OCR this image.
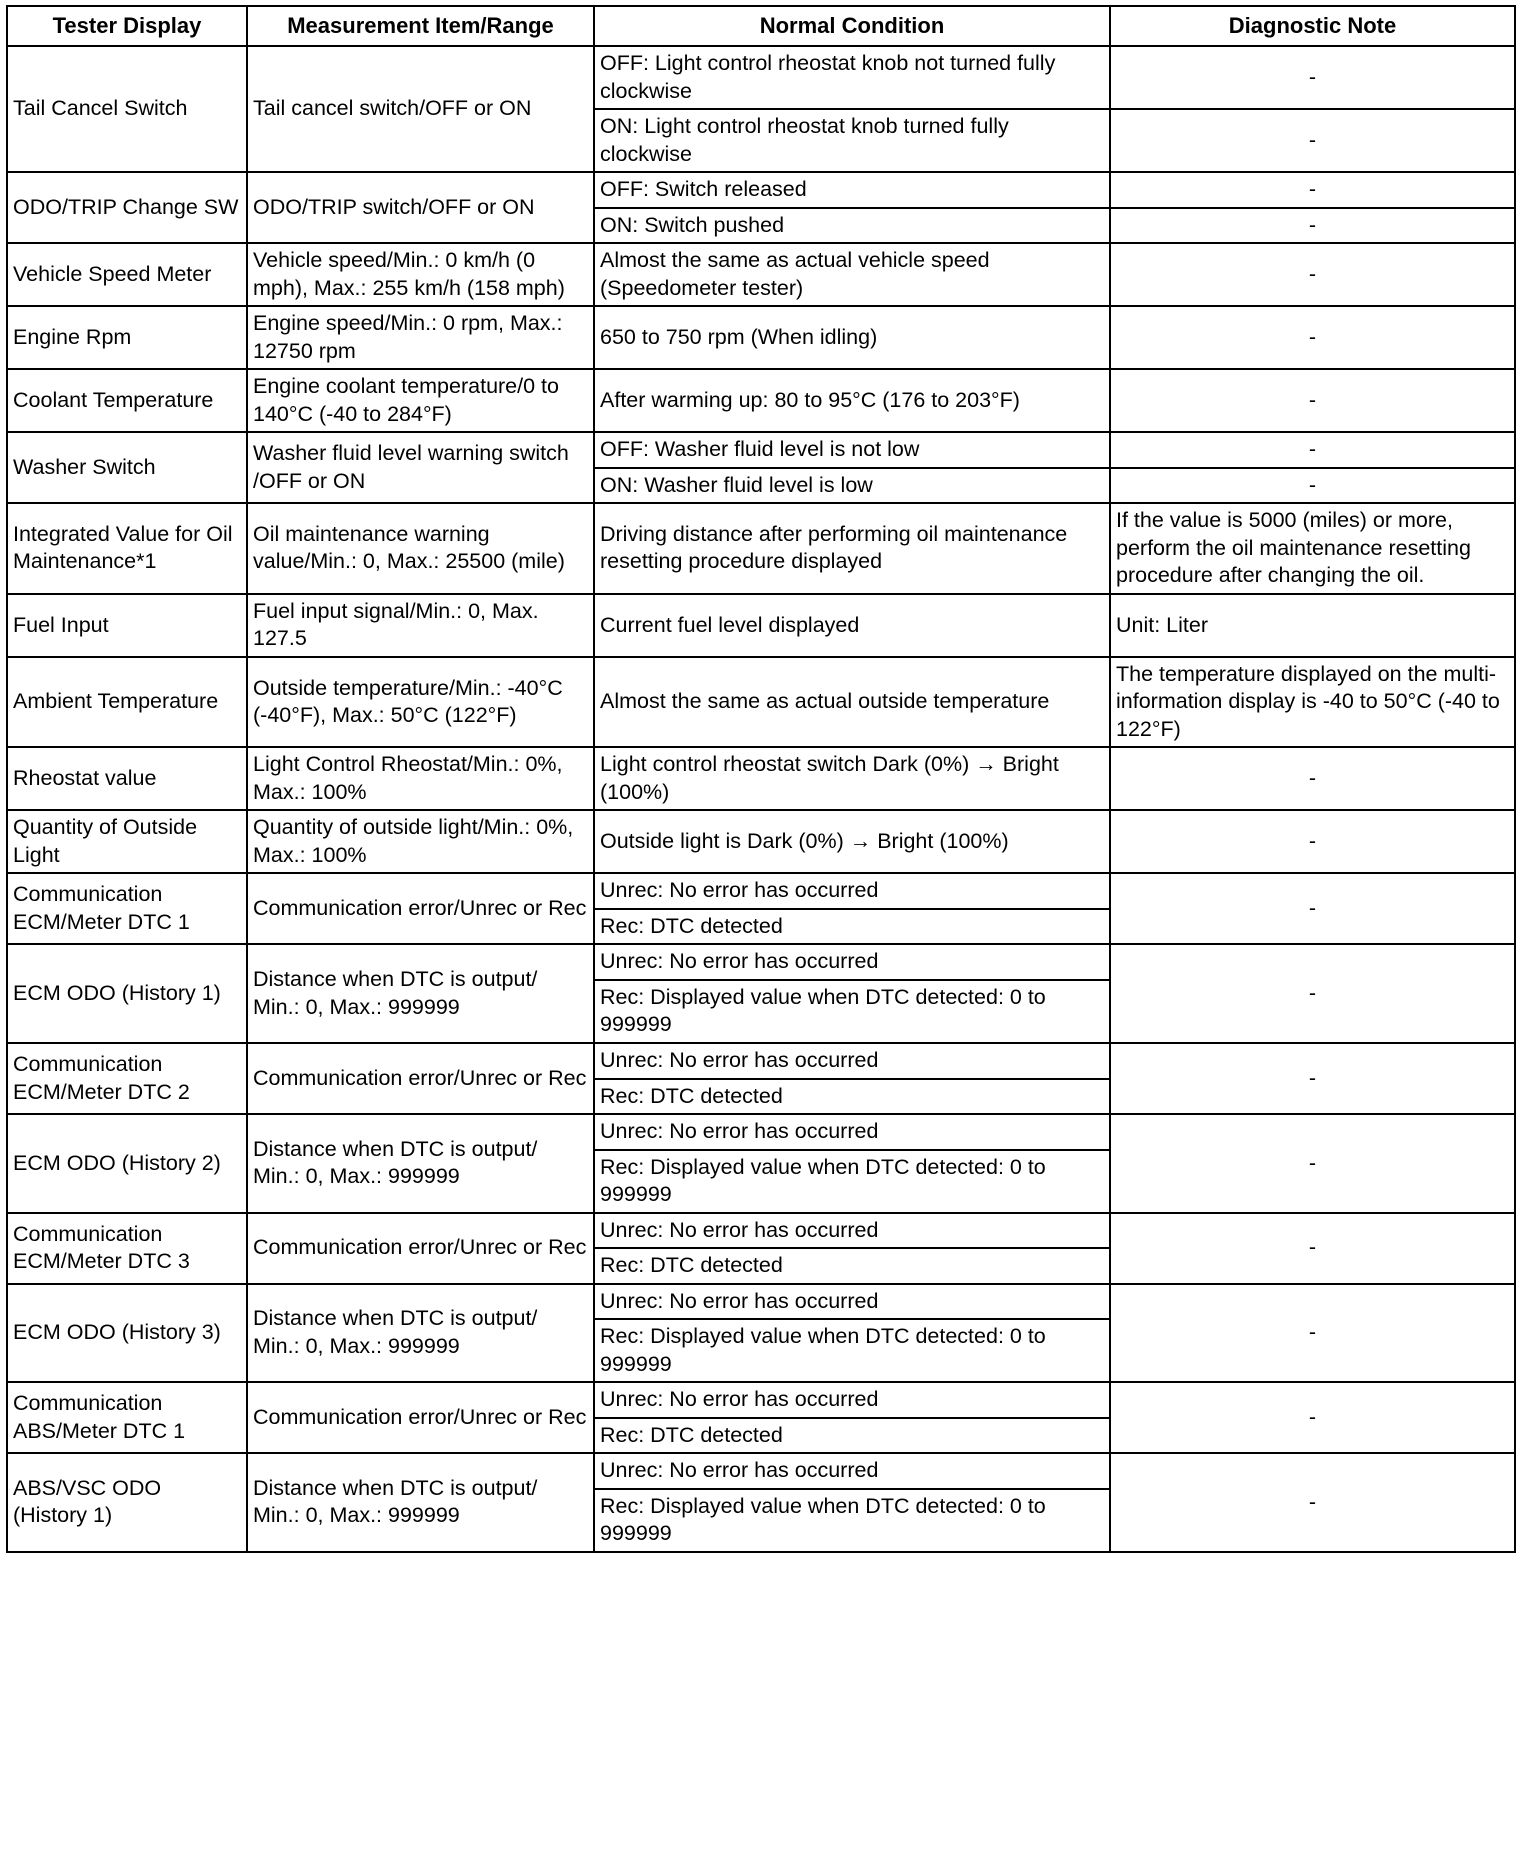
Tester Display	Measurement Item/Range	Normal Condition	Diagnostic Note
Tail Cancel Switch	Tail cancel switch/OFF or ON	OFF: Light control rheostat knob not turned fully clockwise	-
		ON: Light control rheostat knob turned fully clockwise	-
ODO/TRIP Change SW	ODO/TRIP switch/OFF or ON	OFF: Switch released	-
		ON: Switch pushed	-
Vehicle Speed Meter	Vehicle speed/Min.: 0 km/h (0 mph), Max.: 255 km/h (158 mph)	Almost the same as actual vehicle speed (Speedometer tester)	-
Engine Rpm	Engine speed/Min.: 0 rpm, Max.: 12750 rpm	650 to 750 rpm (When idling)	-
Coolant Temperature	Engine coolant temperature/0 to 140°C (-40 to 284°F)	After warming up: 80 to 95°C (176 to 203°F)	-
Washer Switch	Washer fluid level warning switch /OFF or ON	OFF: Washer fluid level is not low	-
		ON: Washer fluid level is low	-
Integrated Value for Oil Maintenance*1	Oil maintenance warning value/Min.: 0, Max.: 25500 (mile)	Driving distance after performing oil maintenance resetting procedure displayed	If the value is 5000 (miles) or more, perform the oil maintenance resetting procedure after changing the oil.
Fuel Input	Fuel input signal/Min.: 0, Max. 127.5	Current fuel level displayed	Unit: Liter
Ambient Temperature	Outside temperature/Min.: -40°C (-40°F), Max.: 50°C (122°F)	Almost the same as actual outside temperature	The temperature displayed on the multi-information display is -40 to 50°C (-40 to 122°F)
Rheostat value	Light Control Rheostat/Min.: 0%, Max.: 100%	Light control rheostat switch Dark (0%) → Bright (100%)	-
Quantity of Outside Light	Quantity of outside light/Min.: 0%, Max.: 100%	Outside light is Dark (0%) → Bright (100%)	-
Communication ECM/Meter DTC 1	Communication error/Unrec or Rec	Unrec: No error has occurred	-
		Rec: DTC detected	
ECM ODO (History 1)	Distance when DTC is output/ Min.: 0, Max.: 999999	Unrec: No error has occurred	-
		Rec: Displayed value when DTC detected: 0 to 999999	
Communication ECM/Meter DTC 2	Communication error/Unrec or Rec	Unrec: No error has occurred	-
		Rec: DTC detected	
ECM ODO (History 2)	Distance when DTC is output/ Min.: 0, Max.: 999999	Unrec: No error has occurred	-
		Rec: Displayed value when DTC detected: 0 to 999999	
Communication ECM/Meter DTC 3	Communication error/Unrec or Rec	Unrec: No error has occurred	-
		Rec: DTC detected	
ECM ODO (History 3)	Distance when DTC is output/ Min.: 0, Max.: 999999	Unrec: No error has occurred	-
		Rec: Displayed value when DTC detected: 0 to 999999	
Communication ABS/Meter DTC 1	Communication error/Unrec or Rec	Unrec: No error has occurred	-
		Rec: DTC detected	
ABS/VSC ODO (History 1)	Distance when DTC is output/ Min.: 0, Max.: 999999	Unrec: No error has occurred	-
		Rec: Displayed value when DTC detected: 0 to 999999	
